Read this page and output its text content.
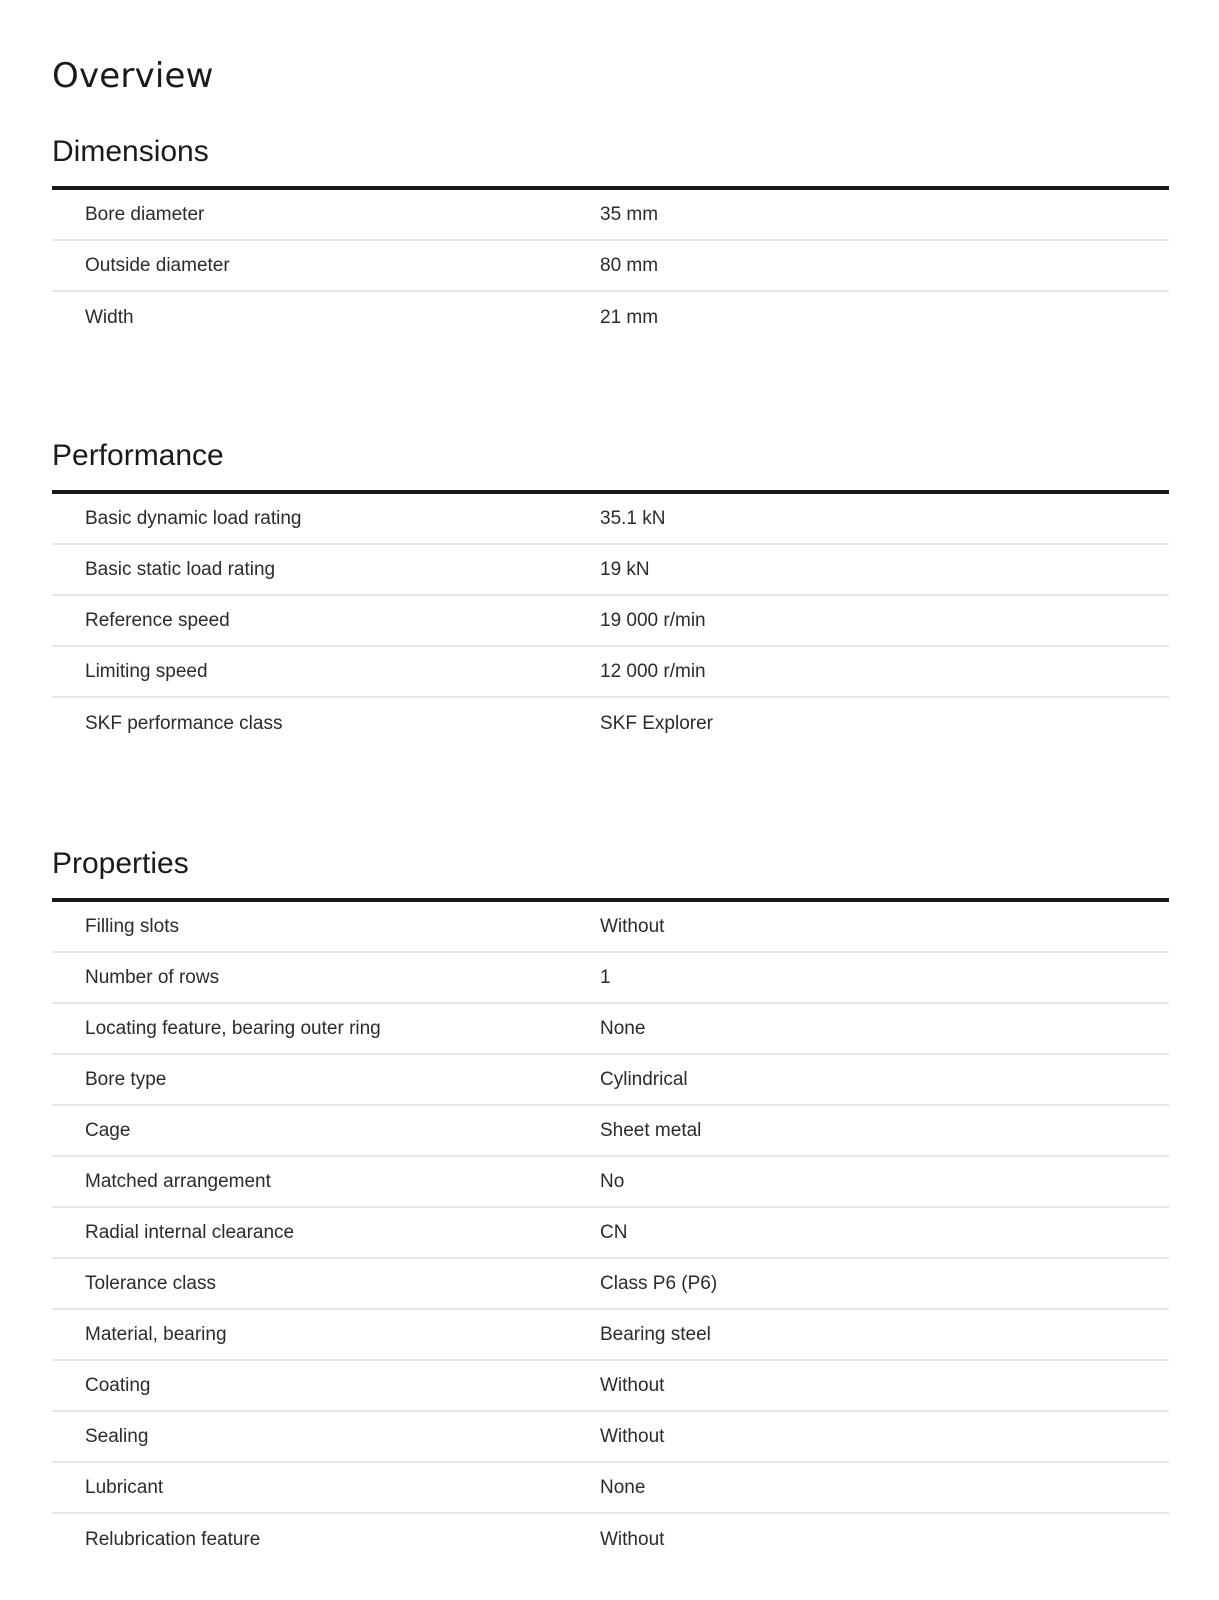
Overview
Dimensions
Bore diameter	35 mm
Outside diameter	80 mm
Width	21 mm
Performance
Basic dynamic load rating	35.1 kN
Basic static load rating	19 kN
Reference speed	19 000 r/min
Limiting speed	12 000 r/min
SKF performance class	SKF Explorer
Properties
Filling slots	Without
Number of rows	1
Locating feature, bearing outer ring	None
Bore type	Cylindrical
Cage	Sheet metal
Matched arrangement	No
Radial internal clearance	CN
Tolerance class	Class P6 (P6)
Material, bearing	Bearing steel
Coating	Without
Sealing	Without
Lubricant	None
Relubrication feature	Without
